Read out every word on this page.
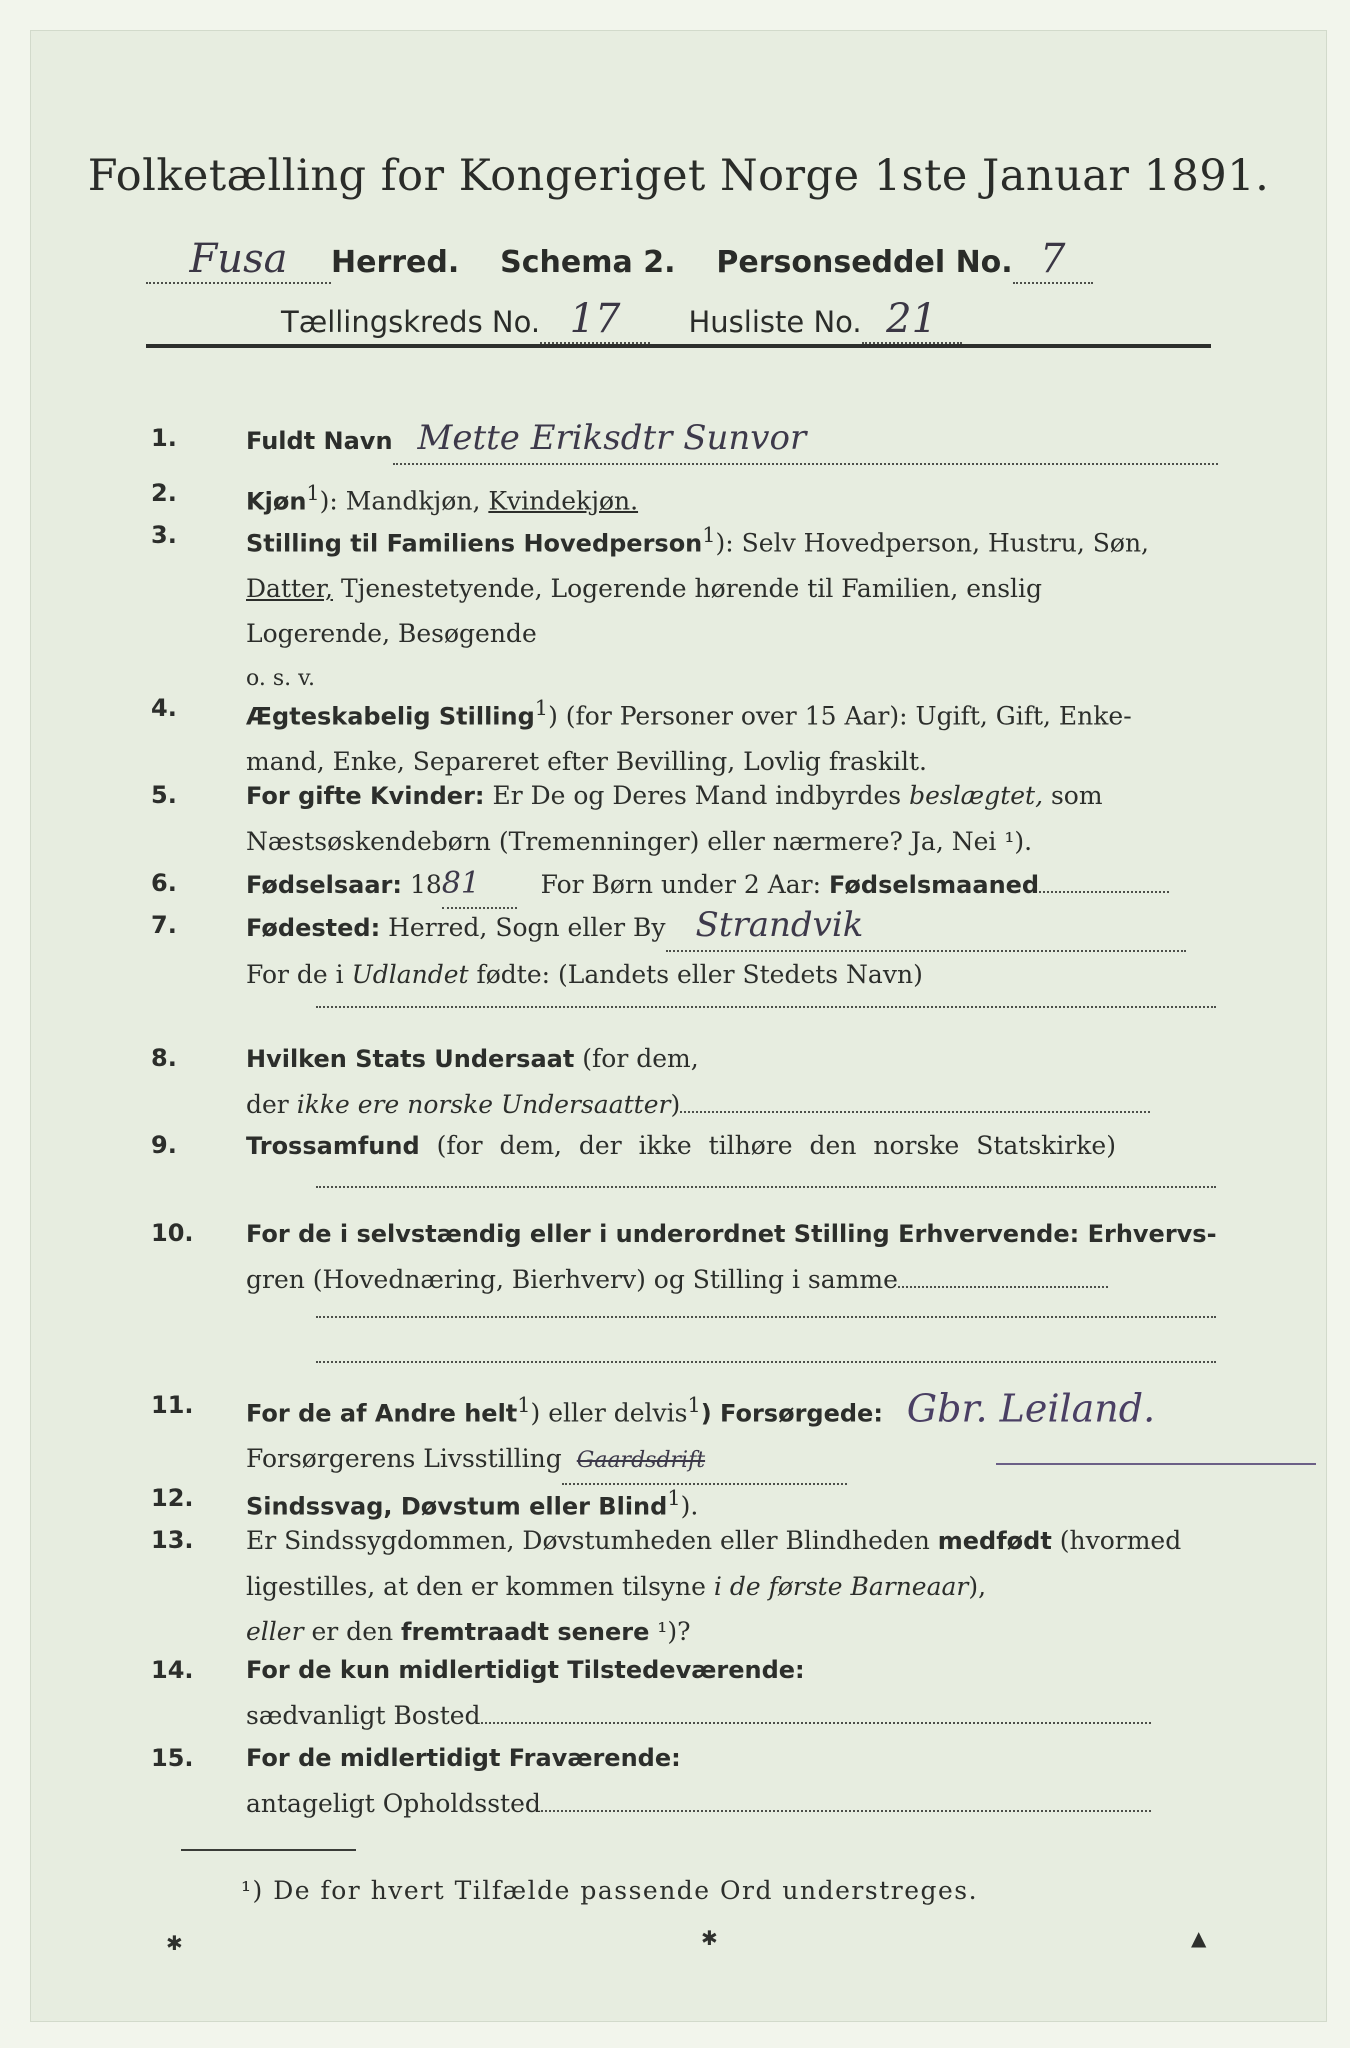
Folketælling for Kongeriget Norge 1ste Januar 1891.
Fusa Herred. Schema 2. Personseddel No. 7
Tællingskreds No. 17 Husliste No. 21
1.	Fuldt Navn Mette Eriksdtr Sunvor
2.	Kjøn$^1$): Mandkjøn, Kvindekjøn.
3.	Stilling til Familiens Hovedperson$^1$): Selv Hovedperson, Hustru, Søn,
Datter, Tjenestetyende, Logerende hørende til Familien, enslig
Logerende, Besøgende
o. s. v.
4.	Ægteskabelig Stilling$^1$) (for Personer over 15 Aar): Ugift, Gift, Enke-
mand, Enke, Separeret efter Bevilling, Lovlig fraskilt.
5.	For gifte Kvinder: Er De og Deres Mand indbyrdes beslægtet, som
Næstsøskendebørn (Tremenninger) eller nærmere? Ja, Nei ¹).
6.	Fødselsaar: 1881 For Børn under 2 Aar: Fødselsmaaned
7.	Fødested: Herred, Sogn eller By Strandvik
For de i Udlandet fødte: (Landets eller Stedets Navn)
8.	Hvilken Stats Undersaat (for dem,
der ikke ere norske Undersaatter)
9.	Trossamfund (for dem, der ikke tilhøre den norske Statskirke)
10.	For de i selvstændig eller i underordnet Stilling Erhvervende: Erhvervs-
gren (Hovednæring, Bierhverv) og Stilling i samme
11.	For de af Andre helt$^1$) eller delvis$^1$) Forsørgede: Gbr. Leiland.
Forsørgerens Livsstilling Gaardsdrift
12.	Sindssvag, Døvstum eller Blind$^1$).
13.	Er Sindssygdommen, Døvstumheden eller Blindheden medfødt (hvormed
ligestilles, at den er kommen tilsyne i de første Barneaar),
eller er den fremtraadt senere ¹)?
14.	For de kun midlertidigt Tilstedeværende:
sædvanligt Bosted
15.	For de midlertidigt Fraværende:
antageligt Opholdssted
¹) De for hvert Tilfælde passende Ord understreges.
✱	✱	▲
